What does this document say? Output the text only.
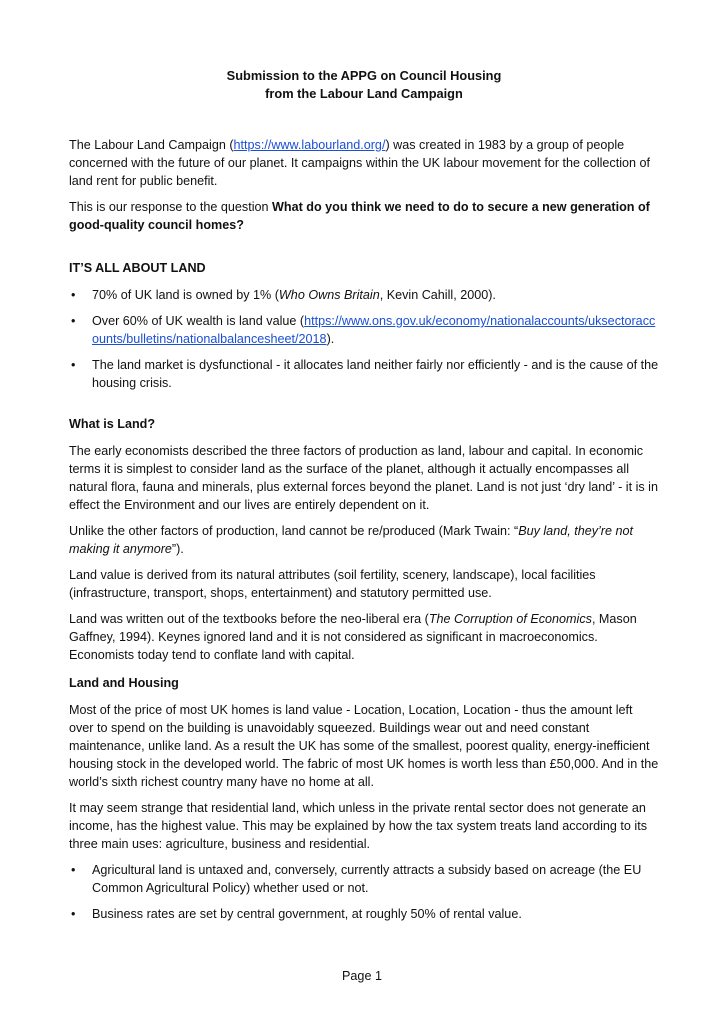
Submission to the APPG on Council Housing
from the Labour Land Campaign

The Labour Land Campaign (https://www.labourland.org/) was created in 1983 by a group of people concerned with the future of our planet. It campaigns within the UK labour movement for the collection of land rent for public benefit.

This is our response to the question What do you think we need to do to secure a new generation of good-quality council homes?

IT’S ALL ABOUT LAND
•	70% of UK land is owned by 1% (Who Owns Britain, Kevin Cahill, 2000).
•	Over 60% of UK wealth is land value (https://www.ons.gov.uk/economy/nationalaccounts/uksectoraccounts/bulletins/nationalbalancesheet/2018).
•	The land market is dysfunctional - it allocates land neither fairly nor efficiently - and is the cause of the housing crisis.
What is Land?

The early economists described the three factors of production as land, labour and capital. In economic terms it is simplest to consider land as the surface of the planet, although it actually encompasses all natural flora, fauna and minerals, plus external forces beyond the planet. Land is not just ‘dry land’ - it is in effect the Environment and our lives are entirely dependent on it.

Unlike the other factors of production, land cannot be re/produced (Mark Twain: “Buy land, they’re not making it anymore”).

Land value is derived from its natural attributes (soil fertility, scenery, landscape), local facilities (infrastructure, transport, shops, entertainment) and statutory permitted use.

Land was written out of the textbooks before the neo-liberal era (The Corruption of Economics, Mason Gaffney, 1994). Keynes ignored land and it is not considered as significant in macroeconomics. Economists today tend to conflate land with capital.

Land and Housing

Most of the price of most UK homes is land value - Location, Location, Location - thus the amount left over to spend on the building is unavoidably squeezed. Buildings wear out and need constant maintenance, unlike land. As a result the UK has some of the smallest, poorest quality, energy-inefficient housing stock in the developed world. The fabric of most UK homes is worth less than £50,000. And in the world’s sixth richest country many have no home at all.

It may seem strange that residential land, which unless in the private rental sector does not generate an income, has the highest value. This may be explained by how the tax system treats land according to its three main uses: agriculture, business and residential.

•	Agricultural land is untaxed and, conversely, currently attracts a subsidy based on acreage (the EU Common Agricultural Policy) whether used or not.
•	Business rates are set by central government, at roughly 50% of rental value.
Page 1
